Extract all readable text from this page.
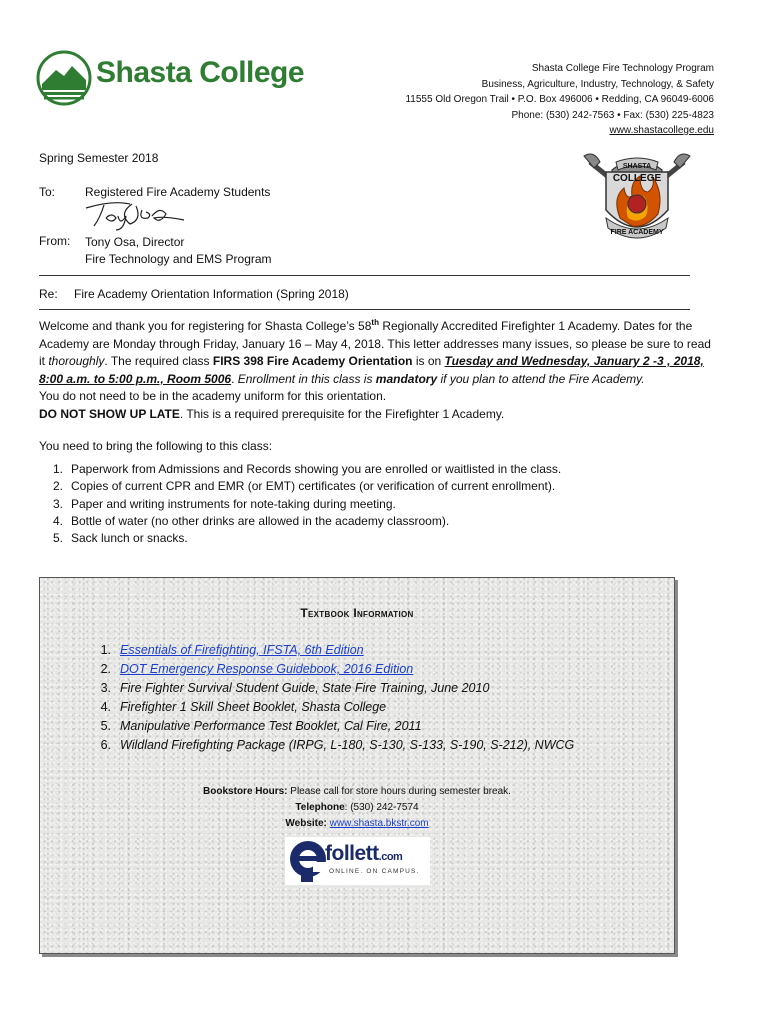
Shasta College	Shasta College Fire Technology Program
Business, Agriculture, Industry, Technology, & Safety
11555 Old Oregon Trail • P.O. Box 496006 • Redding, CA 96049-6006
Phone: (530) 242-7563 • Fax: (530) 225-4823
www.shastacollege.edu
SHASTA
COLLEGE
FIRE ACADEMY
Spring Semester 2018
To: Registered Fire Academy Students
From: Tony Osa, Director
Fire Technology and EMS Program
Re: Fire Academy Orientation Information (Spring 2018)
Welcome and thank you for registering for Shasta College’s 58th Regionally Accredited Firefighter 1 Academy. Dates for the Academy are Monday through Friday, January 16 – May 4, 2018. This letter addresses many issues, so please be sure to read it thoroughly. The required class FIRS 398 Fire Academy Orientation is on Tuesday and Wednesday, January 2 -3 , 2018, 8:00 a.m. to 5:00 p.m., Room 5006. Enrollment in this class is mandatory if you plan to attend the Fire Academy.
You do not need to be in the academy uniform for this orientation.
DO NOT SHOW UP LATE. This is a required prerequisite for the Firefighter 1 Academy.
You need to bring the following to this class:
1. Paperwork from Admissions and Records showing you are enrolled or waitlisted in the class.
2. Copies of current CPR and EMR (or EMT) certificates (or verification of current enrollment).
3. Paper and writing instruments for note-taking during meeting.
4. Bottle of water (no other drinks are allowed in the academy classroom).
5. Sack lunch or snacks.
Textbook Information
1. Essentials of Firefighting, IFSTA, 6th Edition
2. DOT Emergency Response Guidebook, 2016 Edition
3. Fire Fighter Survival Student Guide, State Fire Training, June 2010
4. Firefighter 1 Skill Sheet Booklet, Shasta College
5. Manipulative Performance Test Booklet, Cal Fire, 2011
6. Wildland Firefighting Package (IRPG, L-180, S-130, S-133, S-190, S-212), NWCG
Bookstore Hours: Please call for store hours during semester break.
Telephone: (530) 242-7574
Website: www.shasta.bkstr.com
follett.com
ONLINE. ON CAMPUS.
